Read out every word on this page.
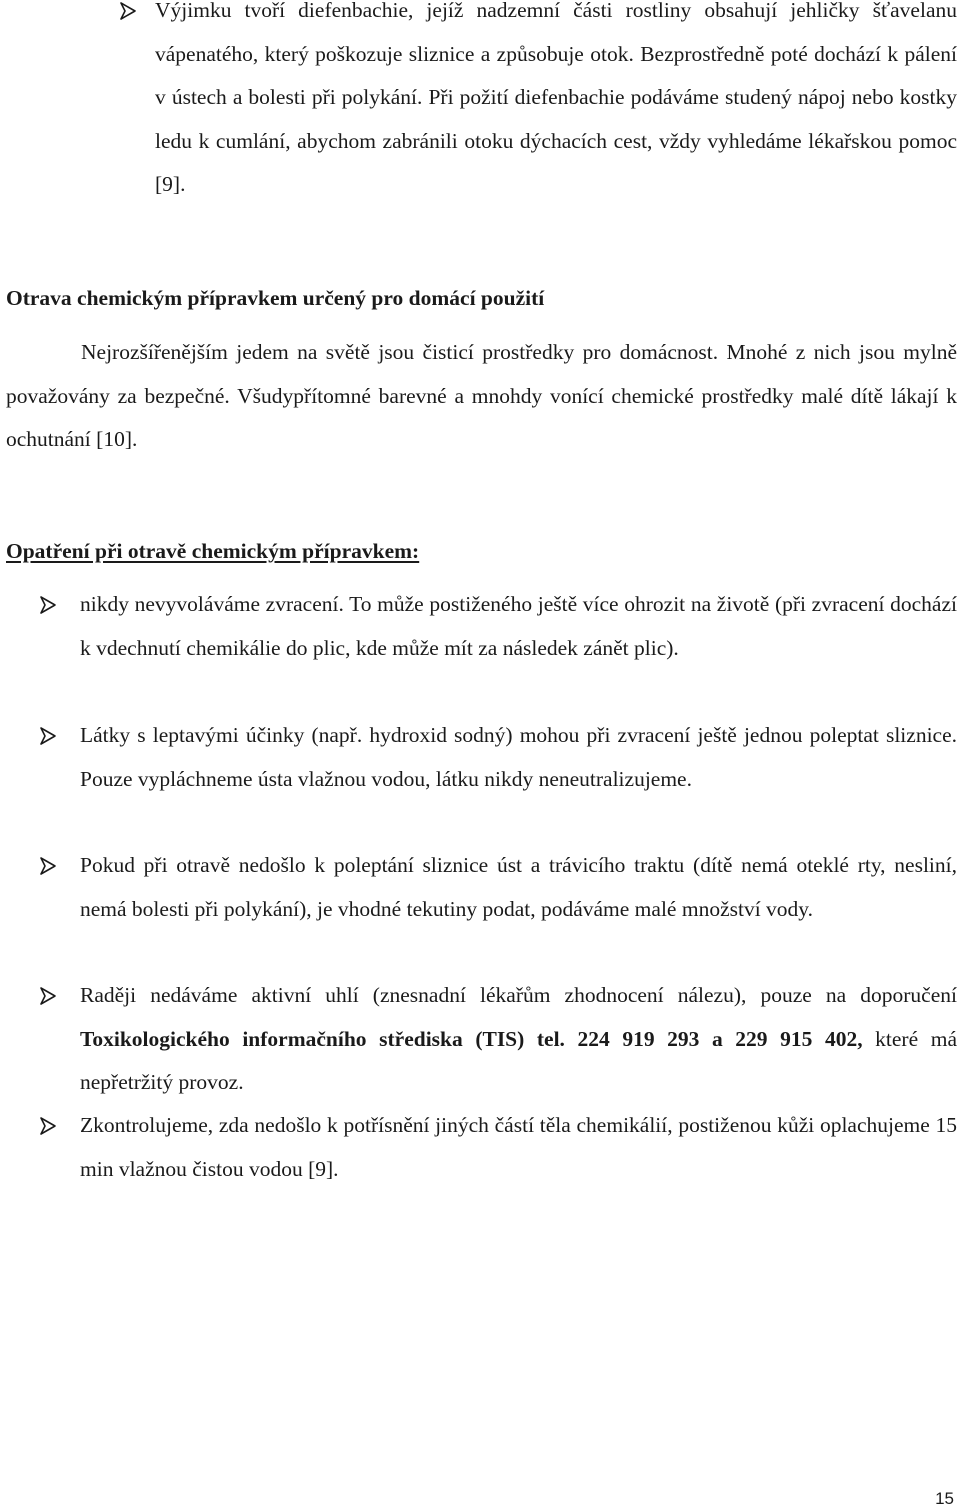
Výjimku tvoří diefenbachie, jejíž nadzemní části rostliny obsahují jehličky šťavelanu vápenatého, který poškozuje sliznice a způsobuje otok. Bezprostředně poté dochází k pálení v ústech a bolesti při polykání. Při požití diefenbachie podáváme studený nápoj nebo kostky ledu k cumlání, abychom zabránili otoku dýchacích cest, vždy vyhledáme lékařskou pomoc [9].

Otrava chemickým přípravkem určený pro domácí použití

Nejrozšířenějším jedem na světě jsou čisticí prostředky pro domácnost. Mnohé z nich jsou mylně považovány za bezpečné. Všudypřítomné barevné a mnohdy vonící chemické prostředky malé dítě lákají k ochutnání [10].

Opatření při otravě chemickým přípravkem:

nikdy nevyvoláváme zvracení. To může postiženého ještě více ohrozit na životě (při zvracení dochází k vdechnutí chemikálie do plic, kde může mít za následek zánět plic).

Látky s leptavými účinky (např. hydroxid sodný) mohou při zvracení ještě jednou poleptat sliznice. Pouze vypláchneme ústa vlažnou vodou, látku nikdy neneutralizujeme.

Pokud při otravě nedošlo k poleptání sliznice úst a trávicího traktu (dítě nemá oteklé rty, nesliní, nemá bolesti při polykání), je vhodné tekutiny podat, podáváme malé množství vody.

Raději nedáváme aktivní uhlí (znesnadní lékařům zhodnocení nálezu), pouze na doporučení Toxikologického informačního střediska (TIS) tel. 224 919 293 a 229 915 402, které má nepřetržitý provoz.

Zkontrolujeme, zda nedošlo k potřísnění jiných částí těla chemikálií, postiženou kůži oplachujeme 15 min vlažnou čistou vodou [9].

15
